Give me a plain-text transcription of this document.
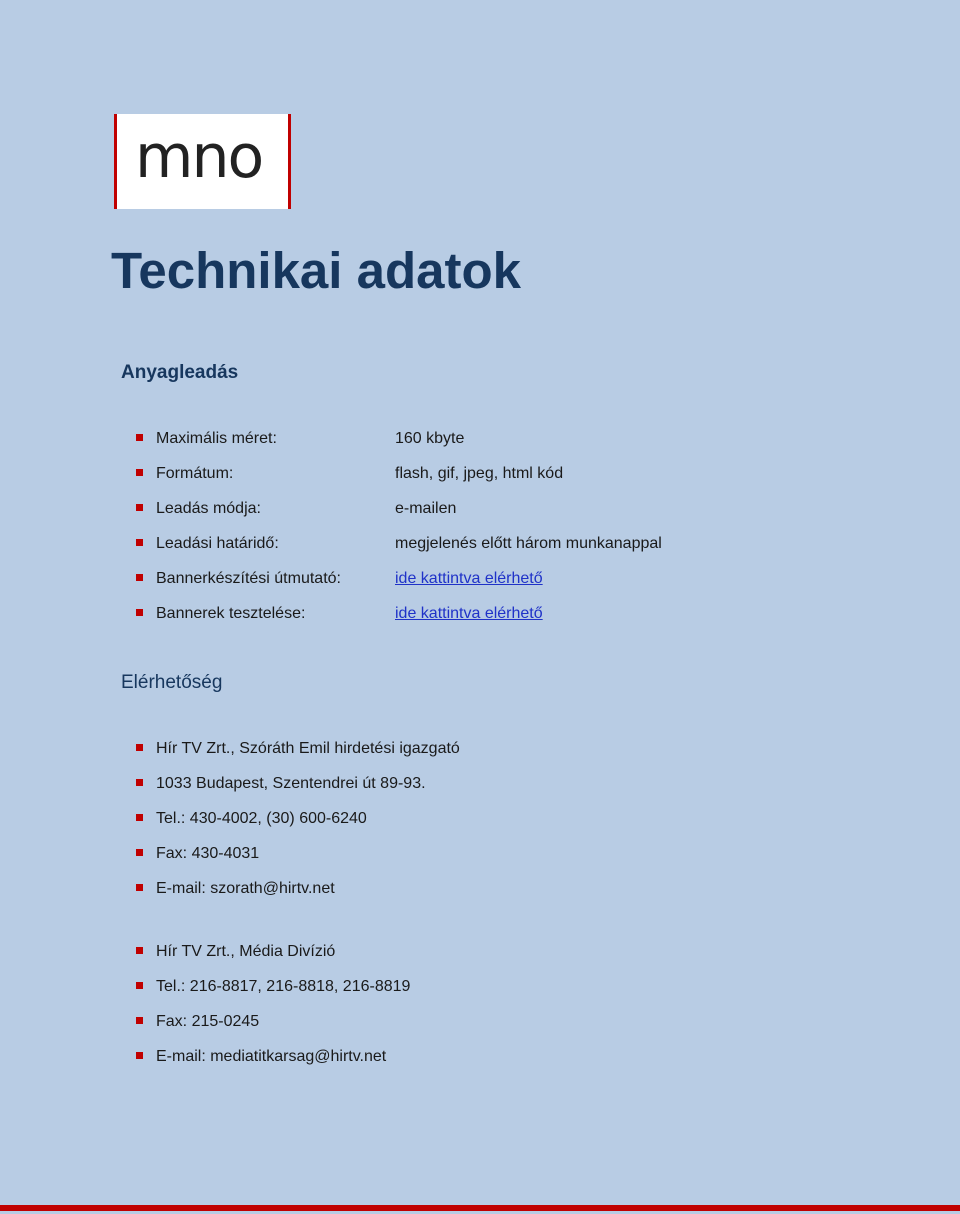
mno
Technikai adatok
Anyagleadás
Maximális méret:	160 kbyte
Formátum:	flash, gif, jpeg, html kód
Leadás módja:	e-mailen
Leadási határidő:	megjelenés előtt három munkanappal
Bannerkészítési útmutató:	ide kattintva elérhető
Bannerek tesztelése:	ide kattintva elérhető
Elérhetőség
Hír TV Zrt., Szóráth Emil hirdetési igazgató
1033 Budapest, Szentendrei út 89-93.
Tel.: 430-4002, (30) 600-6240
Fax: 430-4031
E-mail: szorath@hirtv.net
Hír TV Zrt., Média Divízió
Tel.: 216-8817, 216-8818, 216-8819
Fax: 215-0245
E-mail: mediatitkarsag@hirtv.net
